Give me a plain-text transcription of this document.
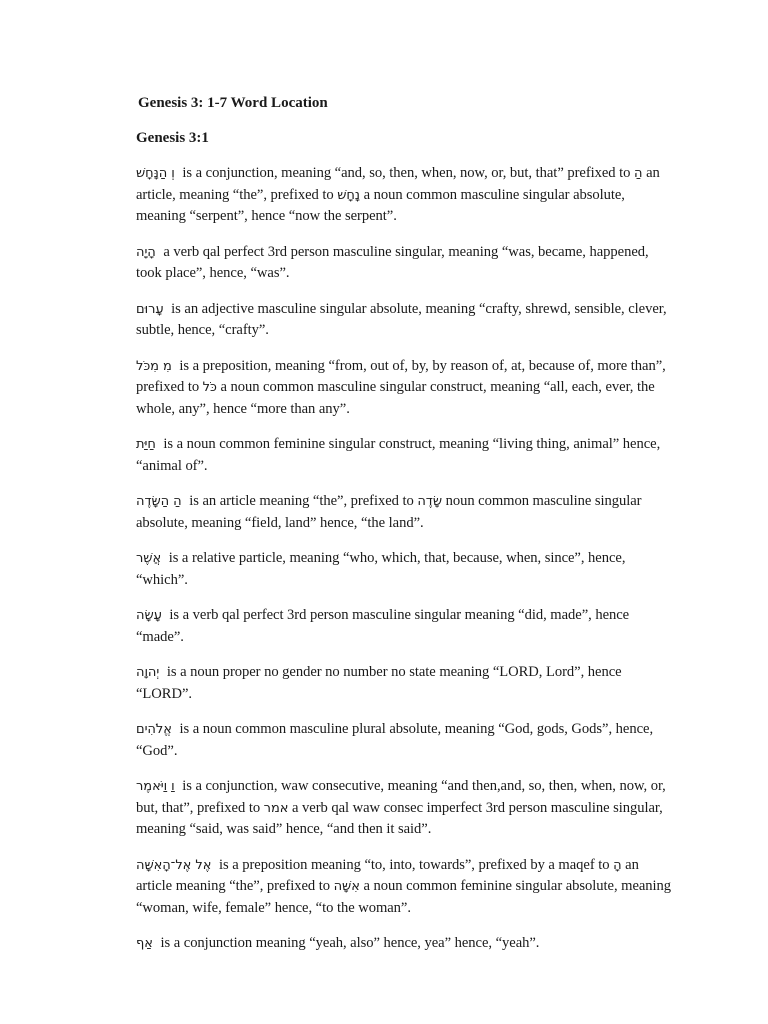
Genesis 3: 1-7 Word Location
Genesis 3:1

וְ הַנָּחָשׁ is a conjunction, meaning “and, so, then, when, now, or, but, that” prefixed to הַ an article, meaning “the”, prefixed to נָחָשׁ a noun common masculine singular absolute, meaning “serpent”, hence “now the serpent”.

הָיָה a verb qal perfect 3rd person masculine singular, meaning “was, became, happened, took place”, hence, “was”.

עָרוּם is an adjective masculine singular absolute, meaning “crafty, shrewd, sensible, clever, subtle, hence, “crafty”.

מִ מִכֹּל is a preposition, meaning “from, out of, by, by reason of, at, because of, more than”, prefixed to כֹּל a noun common masculine singular construct, meaning “all, each, ever, the whole, any”, hence “more than any”.

חַיַּת is a noun common feminine singular construct, meaning “living thing, animal” hence, “animal of”.

הַ הַשָּׂדֶה is an article meaning “the”, prefixed to שָׂדֶה noun common masculine singular absolute, meaning “field, land” hence, “the land”.

אֲשֶׁר is a relative particle, meaning “who, which, that, because, when, since”, hence, “which”.

עָשָׂה is a verb qal perfect 3rd person masculine singular meaning “did, made”, hence “made”.

יְהוָה is a noun proper no gender no number no state meaning “LORD, Lord”, hence “LORD”.

אֱלֹהִים is a noun common masculine plural absolute, meaning “God, gods, Gods”, hence, “God”.

וַ וַיֹּאמֶר is a conjunction, waw consecutive, meaning “and then,and, so, then, when, now, or, but, that”, prefixed to אמר a verb qal waw consec imperfect 3rd person masculine singular, meaning “said, was said” hence, “and then it said”.

אֶל אֶל־הָאִשָּׁה is a preposition meaning “to, into, towards”, prefixed by a maqef to הָ an article meaning “the”, prefixed to אִשָּׁה a noun common feminine singular absolute, meaning “woman, wife, female” hence, “to the woman”.

אַף is a conjunction meaning “yeah, also” hence, yea” hence, “yeah”.
